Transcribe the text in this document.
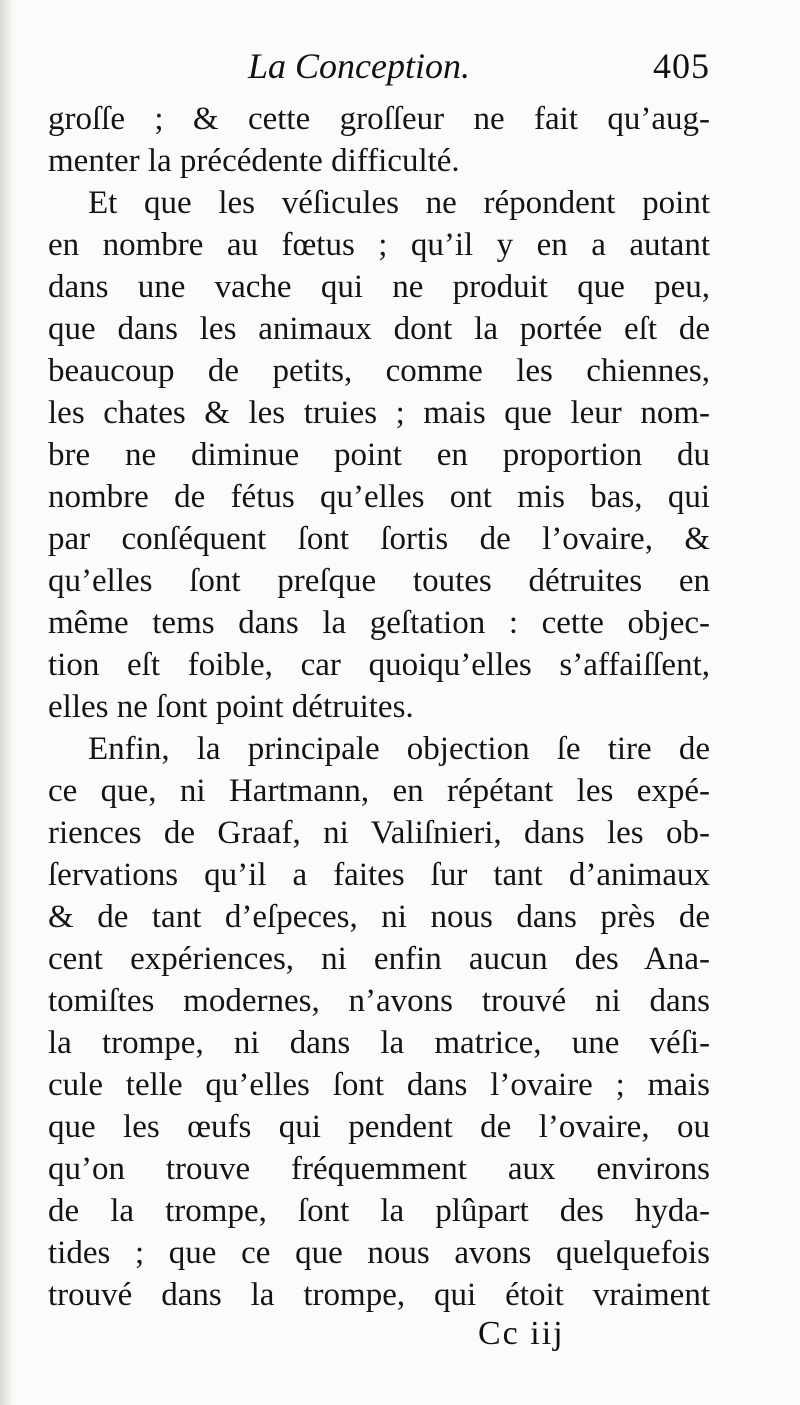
La Conception.	405
groſſe ; & cette groſſeur ne fait qu’aug-
menter la précédente difficulté.
Et que les véſicules ne répondent point
en nombre au fœtus ; qu’il y en a autant
dans une vache qui ne produit que peu,
que dans les animaux dont la portée eſt de
beaucoup de petits, comme les chiennes,
les chates & les truies ; mais que leur nom-
bre ne diminue point en proportion du
nombre de fétus qu’elles ont mis bas, qui
par conſéquent ſont ſortis de l’ovaire, &
qu’elles ſont preſque toutes détruites en
même tems dans la geſtation : cette objec-
tion eſt foible, car quoiqu’elles s’affaiſſent,
elles ne ſont point détruites.
Enfin, la principale objection ſe tire de
ce que, ni Hartmann, en répétant les expé-
riences de Graaf, ni Valiſnieri, dans les ob-
ſervations qu’il a faites ſur tant d’animaux
& de tant d’eſpeces, ni nous dans près de
cent expériences, ni enfin aucun des Ana-
tomiſtes modernes, n’avons trouvé ni dans
la trompe, ni dans la matrice, une véſi-
cule telle qu’elles ſont dans l’ovaire ; mais
que les œufs qui pendent de l’ovaire, ou
qu’on trouve fréquemment aux environs
de la trompe, ſont la plûpart des hyda-
tides ; que ce que nous avons quelquefois
trouvé dans la trompe, qui étoit vraiment
Cc iij
